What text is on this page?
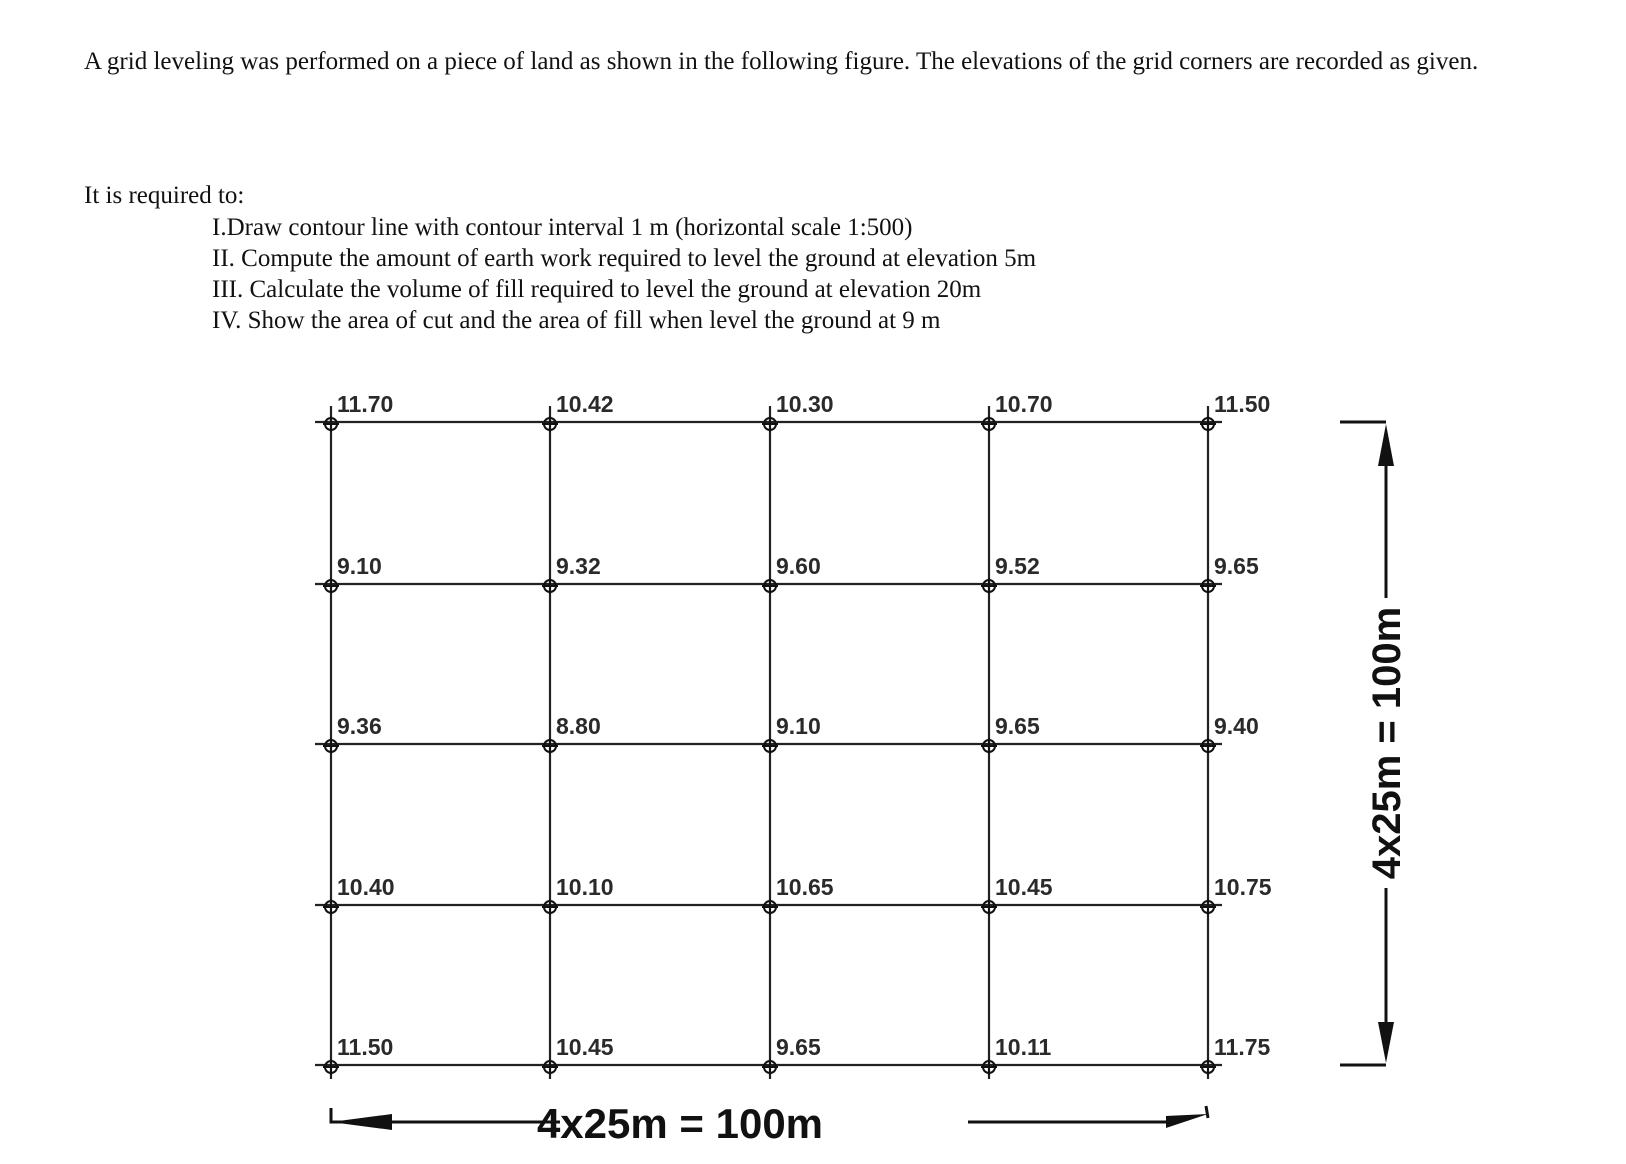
A grid leveling was performed on a piece of land as shown in the following figure. The elevations of the grid corners are recorded as given.

It is required to:

I.Draw contour line with contour interval 1 m (horizontal scale 1:500)
II. Compute the amount of earth work required to level the ground at elevation 5m
III. Calculate the volume of fill required to level the ground at elevation 20m
IV. Show the area of cut and the area of fill when level the ground at 9 m
11.70	10.42	10.30	10.70	11.50
9.10	9.32	9.60	9.52	9.65
9.36	8.80	9.10	9.65	9.40
10.40	10.10	10.65	10.45	10.75
11.50	10.45	9.65	10.11	11.75
4x25m = 100m
4x25m = 100m
